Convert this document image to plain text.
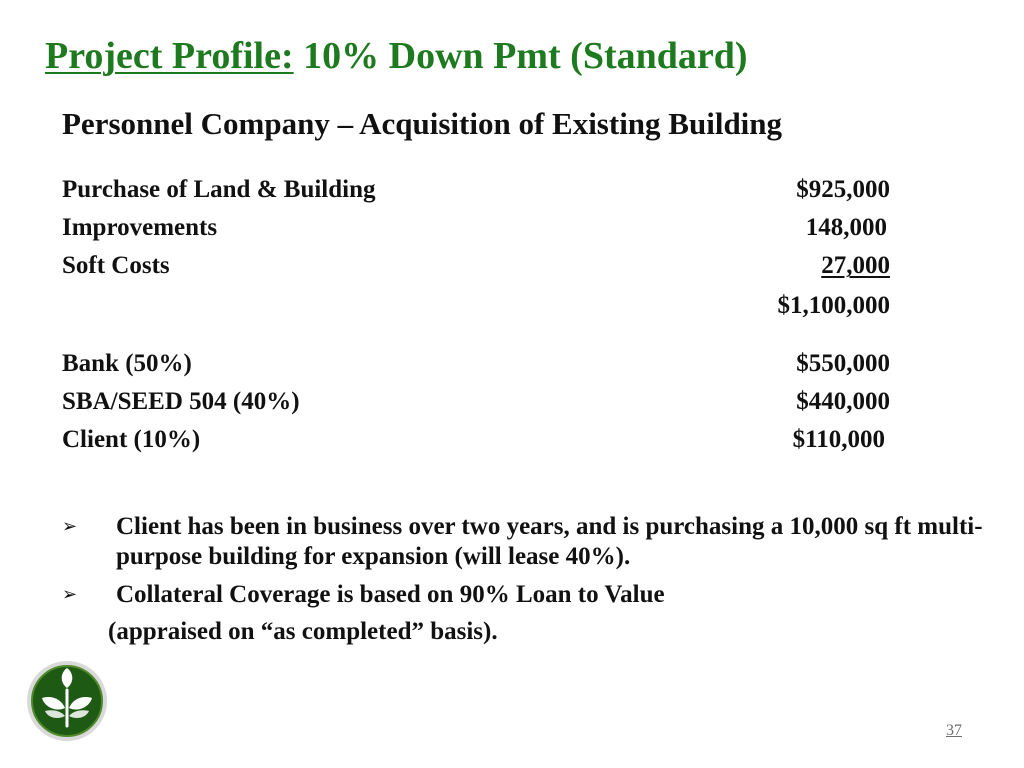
Project Profile: 10% Down Pmt (Standard)
Personnel Company – Acquisition of Existing Building
Purchase of Land & Building	$925,000
Improvements	148,000
Soft Costs	27,000
$1,100,000
Bank (50%)	$550,000
SBA/SEED 504 (40%)	$440,000
Client (10%)	$110,000
➢ Client has been in business over two years, and is purchasing a 10,000 sq ft multi-purpose building for expansion (will lease 40%).
➢ Collateral Coverage is based on 90% Loan to Value
(appraised on “as completed” basis).
37
